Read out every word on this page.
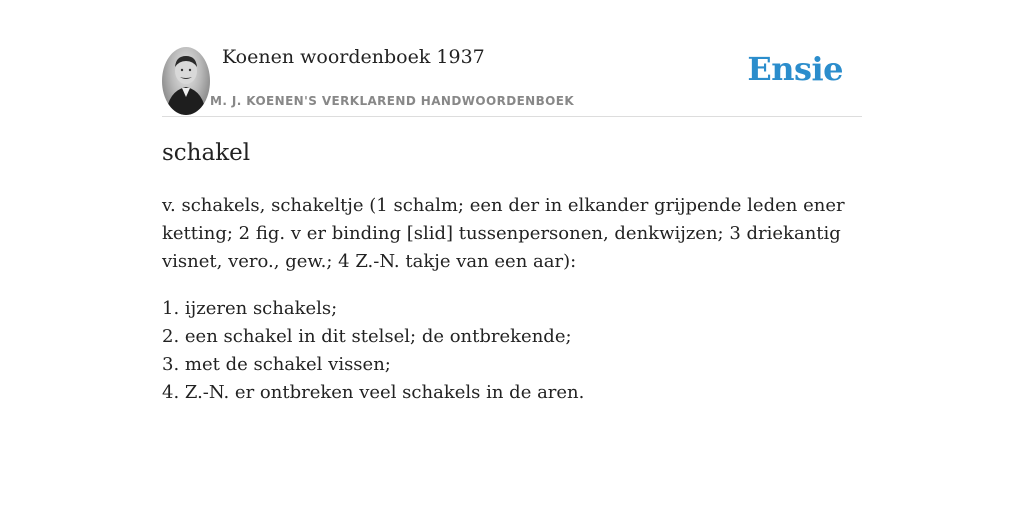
Koenen woordenboek 1937
M. J. KOENEN'S VERKLAREND HANDWOORDENBOEK
Ensie
schakel

v. schakels, schakeltje (1 schalm; een der in elkander grijpende leden ener ketting; 2 fig. v er binding [slid] tussenpersonen, denkwijzen; 3 driekantig visnet, vero., gew.; 4 Z.-N. takje van een aar):

1. ijzeren schakels;
2. een schakel in dit stelsel; de ontbrekende;
3. met de schakel vissen;
4. Z.-N. er ontbreken veel schakels in de aren.
